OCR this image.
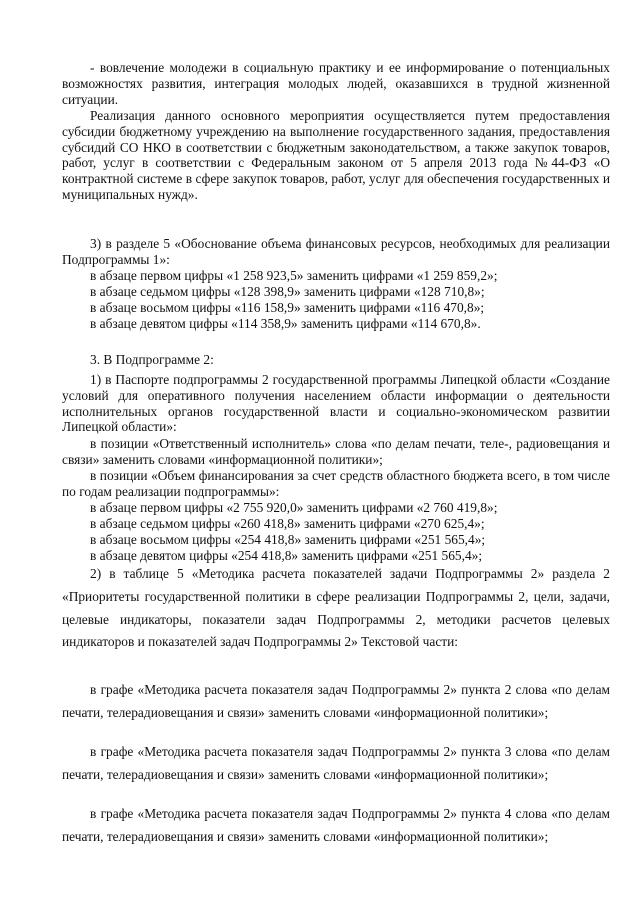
- вовлечение молодежи в социальную практику и ее информирование о потенциальных возможностях развития, интеграция молодых людей, оказавшихся в трудной жизненной ситуации.

Реализация данного основного мероприятия осуществляется путем предоставления субсидии бюджетному учреждению на выполнение государственного задания, предоставления субсидий СО НКО в соответствии с бюджетным законодательством, а также закупок товаров, работ, услуг в соответствии с Федеральным законом от 5 апреля 2013 года №44-ФЗ «О контрактной системе в сфере закупок товаров, работ, услуг для обеспечения государственных и муниципальных нужд».

3) в разделе 5 «Обоснование объема финансовых ресурсов, необходимых для реализации Подпрограммы 1»:

в абзаце первом цифры «1 258 923,5» заменить цифрами «1 259 859,2»;

в абзаце седьмом цифры «128 398,9» заменить цифрами «128 710,8»;

в абзаце восьмом цифры «116 158,9» заменить цифрами «116 470,8»;

в абзаце девятом цифры «114 358,9» заменить цифрами «114 670,8».

3. В Подпрограмме 2:

1) в Паспорте подпрограммы 2 государственной программы Липецкой области «Создание условий для оперативного получения населением области информации о деятельности исполнительных органов государственной власти и социально-экономическом развитии Липецкой области»:

в позиции «Ответственный исполнитель» слова «по делам печати, теле-, радиовещания и связи» заменить словами «информационной политики»;

в позиции «Объем финансирования за счет средств областного бюджета всего, в том числе по годам реализации подпрограммы»:

в абзаце первом цифры «2 755 920,0» заменить цифрами «2 760 419,8»;

в абзаце седьмом цифры «260 418,8» заменить цифрами «270 625,4»;

в абзаце восьмом цифры «254 418,8» заменить цифрами «251 565,4»;

в абзаце девятом цифры «254 418,8» заменить цифрами «251 565,4»;

2) в таблице 5 «Методика расчета показателей задачи Подпрограммы 2» раздела 2 «Приоритеты государственной политики в сфере реализации Подпрограммы 2, цели, задачи, целевые индикаторы, показатели задач Подпрограммы 2, методики расчетов целевых индикаторов и показателей задач Подпрограммы 2» Текстовой части:

в графе «Методика расчета показателя задач Подпрограммы 2» пункта 2 слова «по делам печати, телерадиовещания и связи» заменить словами «информационной политики»;

в графе «Методика расчета показателя задач Подпрограммы 2» пункта 3 слова «по делам печати, телерадиовещания и связи» заменить словами «информационной политики»;

в графе «Методика расчета показателя задач Подпрограммы 2» пункта 4 слова «по делам печати, телерадиовещания и связи» заменить словами «информационной политики»;
